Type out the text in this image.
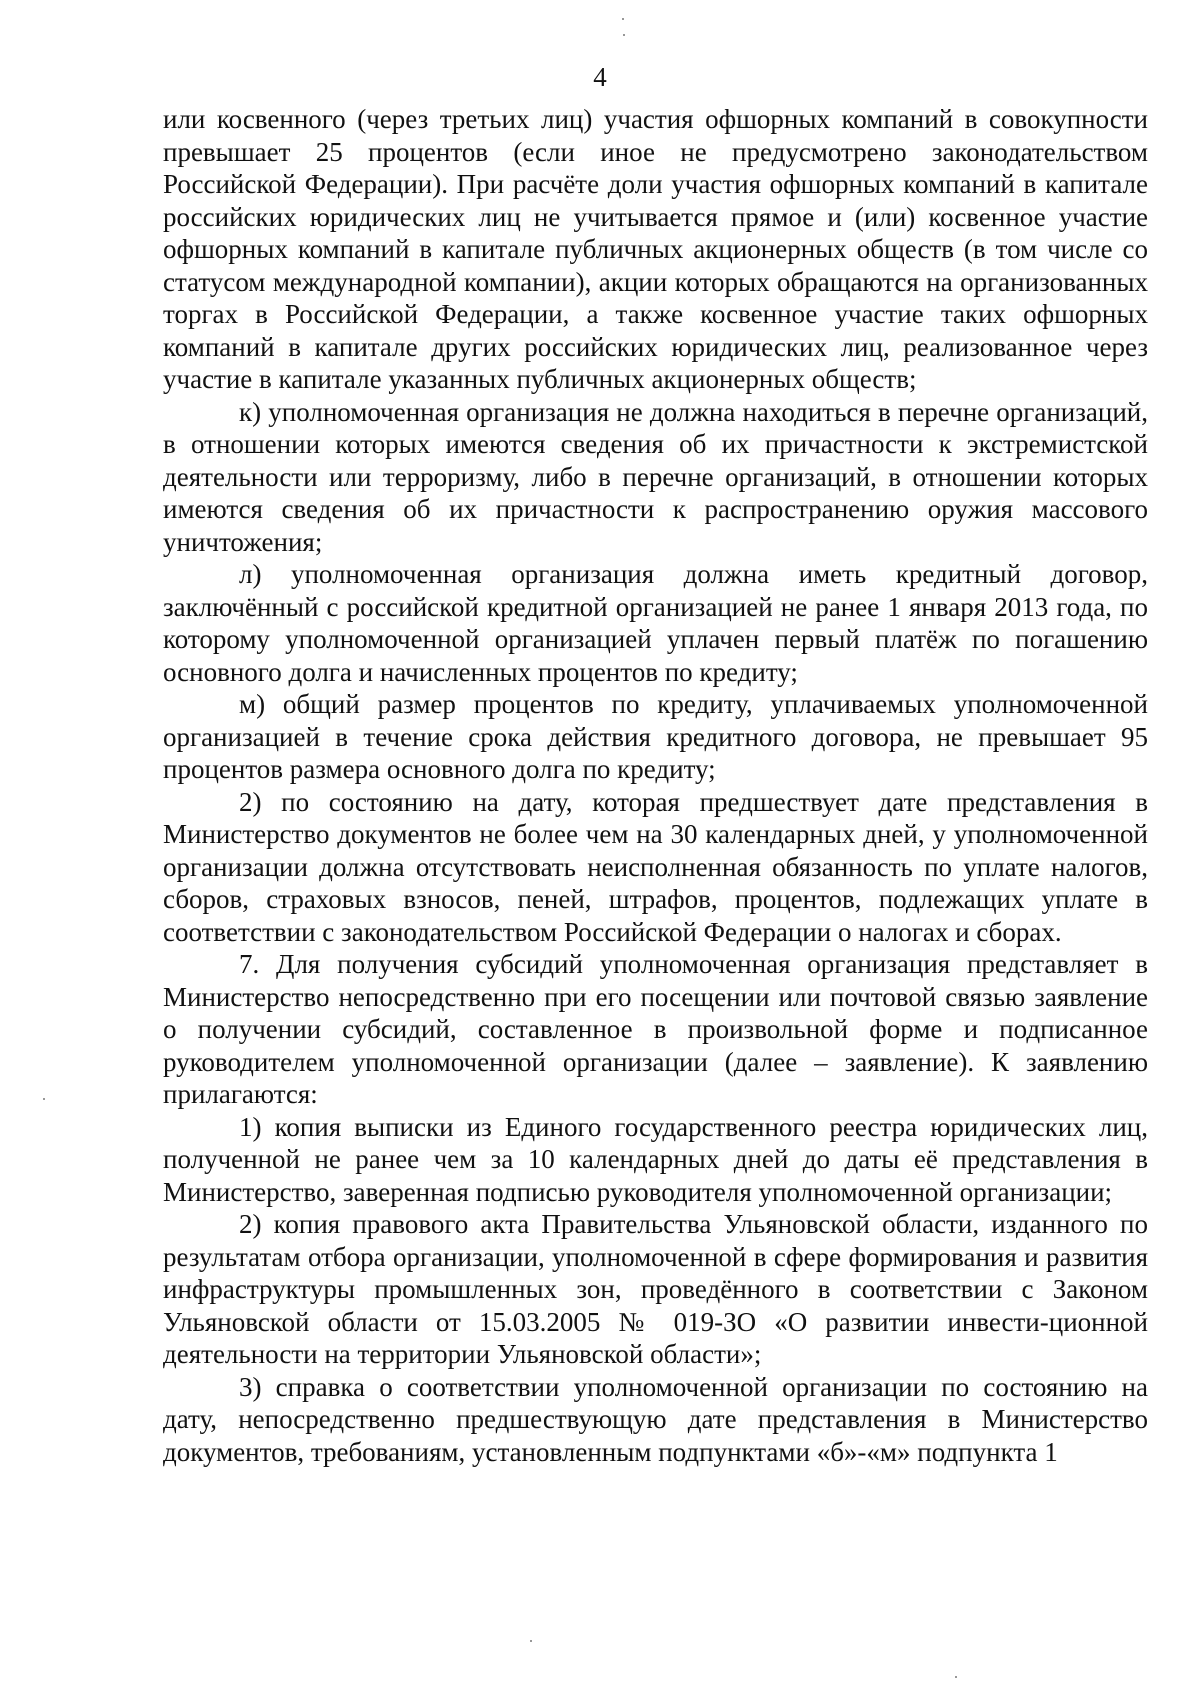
4

или косвенного (через третьих лиц) участия офшорных компаний в совокупности превышает 25 процентов (если иное не предусмотрено законодательством Российской Федерации). При расчёте доли участия офшорных компаний в капитале российских юридических лиц не учитывается прямое и (или) косвенное участие офшорных компаний в капитале публичных акционерных обществ (в том числе со статусом международной компании), акции которых обращаются на организованных торгах в Российской Федерации, а также косвенное участие таких офшорных компаний в капитале других российских юридических лиц, реализованное через участие в капитале указанных публичных акционерных обществ;

к) уполномоченная организация не должна находиться в перечне организаций, в отношении которых имеются сведения об их причастности к экстремистской деятельности или терроризму, либо в перечне организаций, в отношении которых имеются сведения об их причастности к распространению оружия массового уничтожения;

л) уполномоченная организация должна иметь кредитный договор, заключённый с российской кредитной организацией не ранее 1 января 2013 года, по которому уполномоченной организацией уплачен первый платёж по погашению основного долга и начисленных процентов по кредиту;

м) общий размер процентов по кредиту, уплачиваемых уполномоченной организацией в течение срока действия кредитного договора, не превышает 95 процентов размера основного долга по кредиту;

2) по состоянию на дату, которая предшествует дате представления в Министерство документов не более чем на 30 календарных дней, у уполномоченной организации должна отсутствовать неисполненная обязанность по уплате налогов, сборов, страховых взносов, пеней, штрафов, процентов, подлежащих уплате в соответствии с законодательством Российской Федерации о налогах и сборах.

7. Для получения субсидий уполномоченная организация представляет в Министерство непосредственно при его посещении или почтовой связью заявление о получении субсидий, составленное в произвольной форме и подписанное руководителем уполномоченной организации (далее – заявление). К заявлению прилагаются:

1) копия выписки из Единого государственного реестра юридических лиц, полученной не ранее чем за 10 календарных дней до даты её представления в Министерство, заверенная подписью руководителя уполномоченной организации;

2) копия правового акта Правительства Ульяновской области, изданного по результатам отбора организации, уполномоченной в сфере формирования и развития инфраструктуры промышленных зон, проведённого в соответствии с Законом Ульяновской области от 15.03.2005 № 019-ЗО «О развитии инвести-ционной деятельности на территории Ульяновской области»;

3) справка о соответствии уполномоченной организации по состоянию на дату, непосредственно предшествующую дате представления в Министерство документов, требованиям, установленным подпунктами «б»-«м» подпункта 1
